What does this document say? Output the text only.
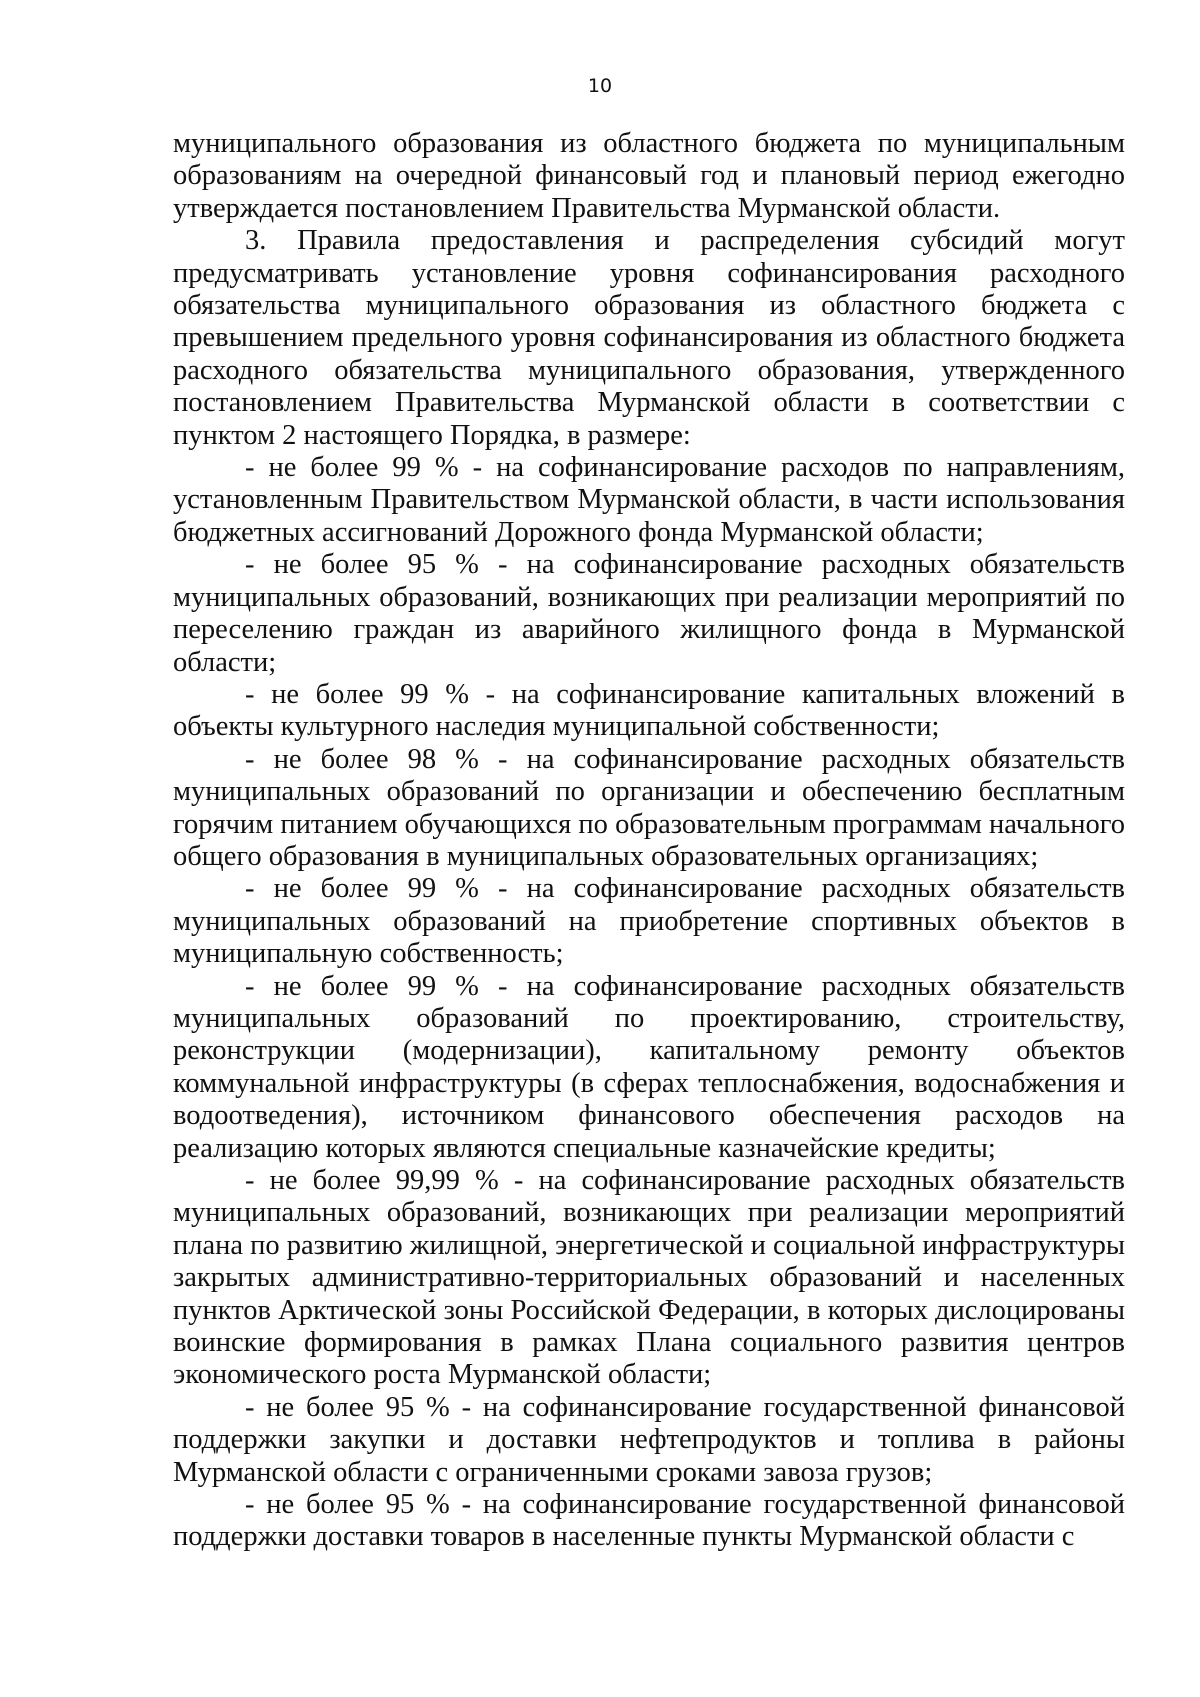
10

муниципального образования из областного бюджета по муниципальным образованиям на очередной финансовый год и плановый период ежегодно утверждается постановлением Правительства Мурманской области.

3. Правила предоставления и распределения субсидий могут предусматривать установление уровня софинансирования расходного обязательства муниципального образования из областного бюджета с превышением предельного уровня софинансирования из областного бюджета расходного обязательства муниципального образования, утвержденного постановлением Правительства Мурманской области в соответствии с пунктом 2 настоящего Порядка, в размере:

- не более 99 % - на софинансирование расходов по направлениям, установленным Правительством Мурманской области, в части использования бюджетных ассигнований Дорожного фонда Мурманской области;

- не более 95 % - на софинансирование расходных обязательств муниципальных образований, возникающих при реализации мероприятий по переселению граждан из аварийного жилищного фонда в Мурманской области;

- не более 99 % - на софинансирование капитальных вложений в объекты культурного наследия муниципальной собственности;

- не более 98 % - на софинансирование расходных обязательств муниципальных образований по организации и обеспечению бесплатным горячим питанием обучающихся по образовательным программам начального общего образования в муниципальных образовательных организациях;

- не более 99 % - на софинансирование расходных обязательств муниципальных образований на приобретение спортивных объектов в муниципальную собственность;

- не более 99 % - на софинансирование расходных обязательств муниципальных образований по проектированию, строительству, реконструкции (модернизации), капитальному ремонту объектов коммунальной инфраструктуры (в сферах теплоснабжения, водоснабжения и водоотведения), источником финансового обеспечения расходов на реализацию которых являются специальные казначейские кредиты;

- не более 99,99 % - на софинансирование расходных обязательств муниципальных образований, возникающих при реализации мероприятий плана по развитию жилищной, энергетической и социальной инфраструктуры закрытых административно-территориальных образований и населенных пунктов Арктической зоны Российской Федерации, в которых дислоцированы воинские формирования в рамках Плана социального развития центров экономического роста Мурманской области;

- не более 95 % - на софинансирование государственной финансовой поддержки закупки и доставки нефтепродуктов и топлива в районы Мурманской области с ограниченными сроками завоза грузов;

- не более 95 % - на софинансирование государственной финансовой поддержки доставки товаров в населенные пункты Мурманской области с
